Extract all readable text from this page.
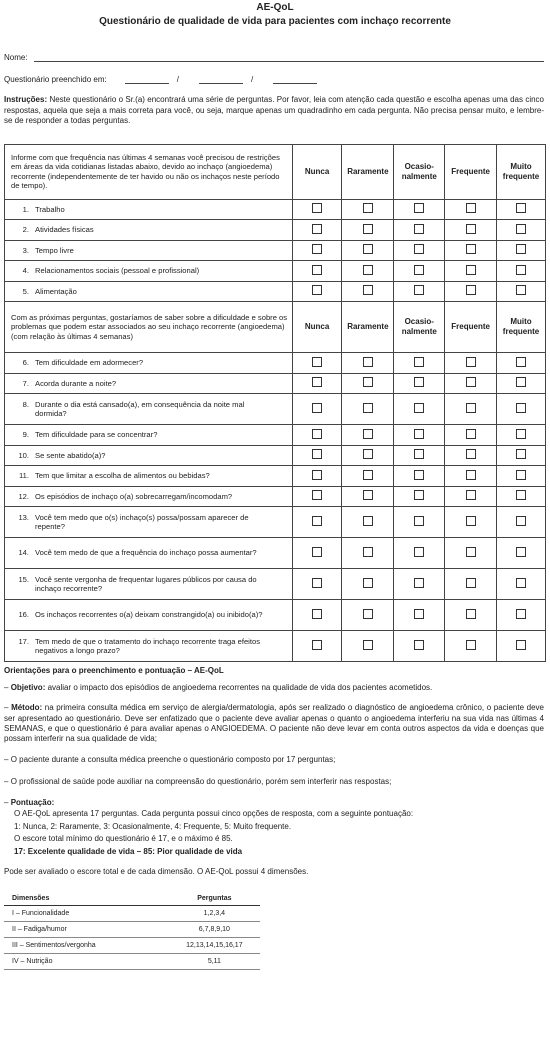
AE-QoL
Questionário de qualidade de vida para pacientes com inchaço recorrente
Nome:
Questionário preenchido em:	/	/
Instruções: Neste questionário o Sr.(a) encontrará uma série de perguntas. Por favor, leia com atenção cada questão e escolha apenas uma das cinco respostas, aquela que seja a mais correta para você, ou seja, marque apenas um quadradinho em cada pergunta. Não precisa pensar muito, e lembre-se de responder a todas perguntas.
Informe com que frequência nas últimas 4 semanas você precisou de restrições em áreas da vida cotidianas listadas abaixo, devido ao inchaço (angioedema) recorrente (independentemente de ter havido ou não os inchaços neste período de tempo).	Nunca	Raramente	Ocasio-
nalmente	Frequente	Muito
frequente
1. Trabalho					
2. Atividades físicas					
3. Tempo livre					
4. Relacionamentos sociais (pessoal e profissional)					
5. Alimentação					
Com as próximas perguntas, gostaríamos de saber sobre a dificuldade e sobre os problemas que podem estar associados ao seu inchaço recorrente (angioedema) (com relação às últimas 4 semanas)	Nunca	Raramente	Ocasio-
nalmente	Frequente	Muito
frequente
6. Tem dificuldade em adormecer?					
7. Acorda durante a noite?					
8. Durante o dia está cansado(a), em consequência da noite mal dormida?					
9. Tem dificuldade para se concentrar?					
10. Se sente abatido(a)?					
11. Tem que limitar a escolha de alimentos ou bebidas?					
12. Os episódios de inchaço o(a) sobrecarregam/incomodam?					
13. Você tem medo que o(s) inchaço(s) possa/possam aparecer de repente?					
14. Você tem medo de que a frequência do inchaço possa aumentar?					
15. Você sente vergonha de frequentar lugares públicos por causa do inchaço recorrente?					
16. Os inchaços recorrentes o(a) deixam constrangido(a) ou inibido(a)?					
17. Tem medo de que o tratamento do inchaço recorrente traga efeitos negativos a longo prazo?					
Orientações para o preenchimento e pontuação – AE-QoL
– Objetivo: avaliar o impacto dos episódios de angioedema recorrentes na qualidade de vida dos pacientes acometidos.
– Método: na primeira consulta médica em serviço de alergia/dermatologia, após ser realizado o diagnóstico de angioedema crônico, o paciente deve ser apresentado ao questionário. Deve ser enfatizado que o paciente deve avaliar apenas o quanto o angioedema interferiu na sua vida nas últimas 4 SEMANAS, e que o questionário é para avaliar apenas o ANGIOEDEMA. O paciente não deve levar em conta outros aspectos da vida e doenças que possam interferir na sua qualidade de vida;
– O paciente durante a consulta médica preenche o questionário composto por 17 perguntas;
– O profissional de saúde pode auxiliar na compreensão do questionário, porém sem interferir nas respostas;
– Pontuação:
O AE-QoL apresenta 17 perguntas. Cada pergunta possui cinco opções de resposta, com a seguinte pontuação:
1: Nunca, 2: Raramente, 3: Ocasionalmente, 4: Frequente, 5: Muito frequente.
O escore total mínimo do questionário é 17, e o máximo é 85.
17: Excelente qualidade de vida – 85: Pior qualidade de vida
Pode ser avaliado o escore total e de cada dimensão. O AE-QoL possui 4 dimensões.
Dimensões	Perguntas
I – Funcionalidade	1,2,3,4
II – Fadiga/humor	6,7,8,9,10
III – Sentimentos/vergonha	12,13,14,15,16,17
IV – Nutrição	5,11
